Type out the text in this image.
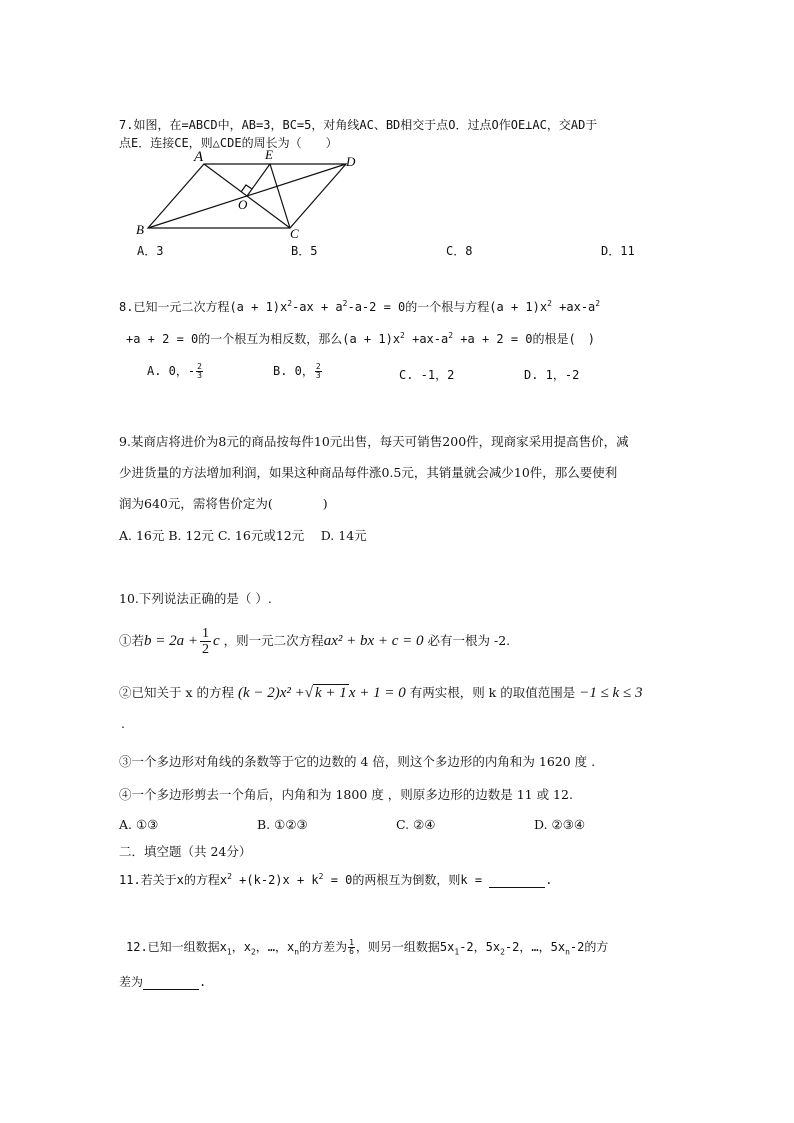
7.如图，在=ABCD中，AB=3，BC=5，对角线AC、BD相交于点O．过点O作OE⊥AC，交AD于
点E．连接CE，则△CDE的周长为（　　）
A	E	D
O
B	C
A．3	B．5	C．8	D．11
8.已知一元二次方程$(a + 1)x^2-ax + a^2-a-2 = 0$的一个根与方程$(a + 1)x^2 +ax-a^2$
+a + 2 = 0的一个根互为相反数，那么$(a + 1)x^2 +ax-a^2 +a + 2 = 0$的根是(　)
A. 0，- $\frac{2}{3}$	B. 0， $\frac{2}{3}$	C. -1，2	D. 1，-2
9.某商店将进价为8元的商品按每件10元出售，每天可销售200件，现商家采用提高售价，减
少进货量的方法增加利润，如果这种商品每件涨0.5元，其销量就会减少10件，那么要使利
润为640元，需将售价定为(　　　　)
A. 16元 B. 12元 C. 16元或12元　 D. 14元
10.下列说法正确的是（ ）.
①若$b = 2a + \frac{1}{2}$ c ，则一元二次方程ax² + bx + c = 0 必有一根为 -2.
②已知关于 x 的方程 (k − 2)x² +√ k + 1 x + 1 = 0 有两实根，则 k 的取值范围是 −1 ≤ k ≤ 3
.
③一个多边形对角线的条数等于它的边数的 4 倍，则这个多边形的内角和为 1620 度 .
④一个多边形剪去一个角后，内角和为 1800 度 ，则原多边形的边数是 11 或 12.
A. ①③	B. ①②③	C. ②④	D. ②③④
二．填空题（共 24分）
11.若关于x的方程$x^2 +(k-2)x + k^2 = 0$的两根互为倒数，则k =	.
12.已知一组数据$x_1$，$x_2$，…，$x_n$的方差为 $\frac{1}{6}$ ，则另一组数据$5x_1-2$，$5x_2-2$，…，$5x_n-2$的方
差为	.
